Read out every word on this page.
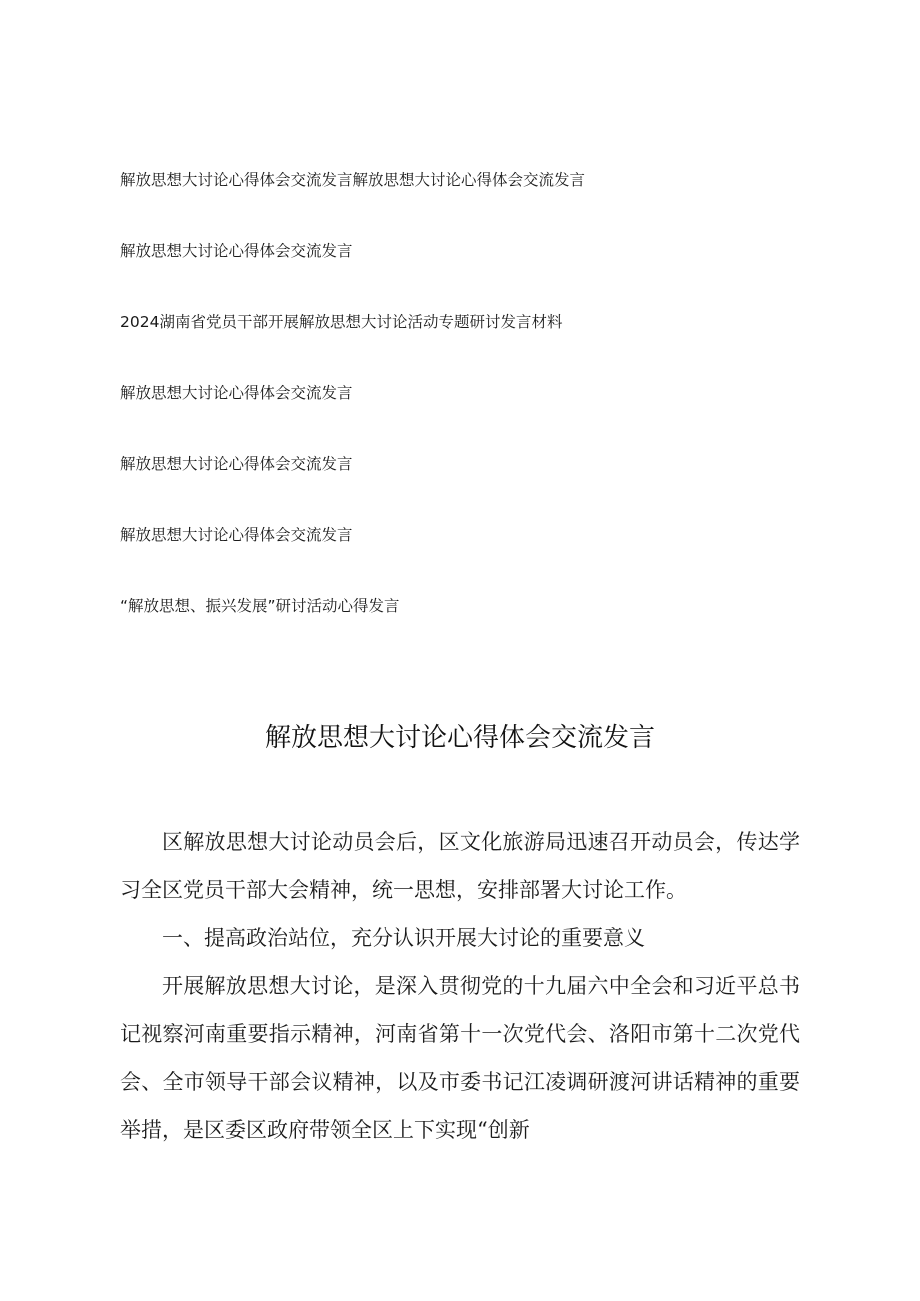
解放思想大讨论心得体会交流发言解放思想大讨论心得体会交流发言
解放思想大讨论心得体会交流发言
2024湖南省党员干部开展解放思想大讨论活动专题研讨发言材料
解放思想大讨论心得体会交流发言
解放思想大讨论心得体会交流发言
解放思想大讨论心得体会交流发言
“解放思想、振兴发展”研讨活动心得发言
解放思想大讨论心得体会交流发言

区解放思想大讨论动员会后，区文化旅游局迅速召开动员会，传达学习全区党员干部大会精神，统一思想，安排部署大讨论工作。

一、提高政治站位，充分认识开展大讨论的重要意义

开展解放思想大讨论，是深入贯彻党的十九届六中全会和习近平总书记视察河南重要指示精神，河南省第十一次党代会、洛阳市第十二次党代会、全市领导干部会议精神，以及市委书记江凌调研渡河讲话精神的重要举措，是区委区政府带领全区上下实现“创新
